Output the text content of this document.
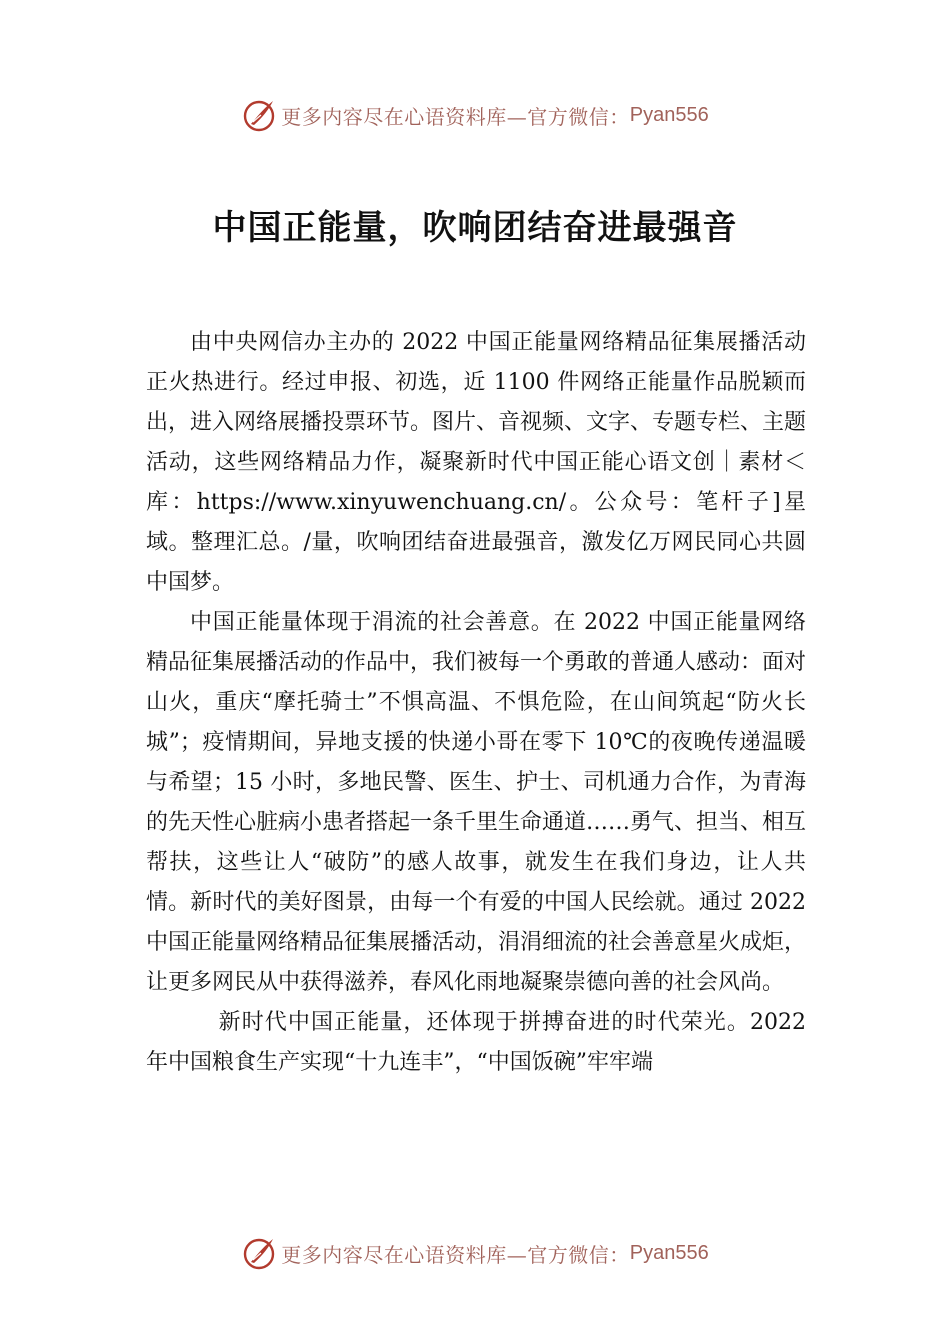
更多内容尽在心语资料库—官方微信： Pyan556
中国正能量，吹响团结奋进最强音

由中央网信办主办的 2022 中国正能量网络精品征集展播活动正火热进行。经过申报、初选，近 1100 件网络正能量作品脱颖而出，进入网络展播投票环节。图片、音视频、文字、专题专栏、主题活动，这些网络精品力作，凝聚新时代中国正能心语文创｜素材＜库：https://www.xinyuwenchuang.cn/。公众号：笔杆子]星域。整理汇总。/量，吹响团结奋进最强音，激发亿万网民同心共圆中国梦。

中国正能量体现于涓流的社会善意。在 2022 中国正能量网络精品征集展播活动的作品中，我们被每一个勇敢的普通人感动：面对山火，重庆“摩托骑士”不惧高温、不惧危险，在山间筑起“防火长城”；疫情期间，异地支援的快递小哥在零下 10℃的夜晚传递温暖与希望；15 小时，多地民警、医生、护士、司机通力合作，为青海的先天性心脏病小患者搭起一条千里生命通道……勇气、担当、相互帮扶，这些让人“破防”的感人故事，就发生在我们身边，让人共情。新时代的美好图景，由每一个有爱的中国人民绘就。通过 2022 中国正能量网络精品征集展播活动，涓涓细流的社会善意星火成炬，让更多网民从中获得滋养，春风化雨地凝聚崇德向善的社会风尚。

新时代中国正能量，还体现于拼搏奋进的时代荣光。2022 年中国粮食生产实现“十九连丰”，“中国饭碗”牢牢端

更多内容尽在心语资料库—官方微信： Pyan556
